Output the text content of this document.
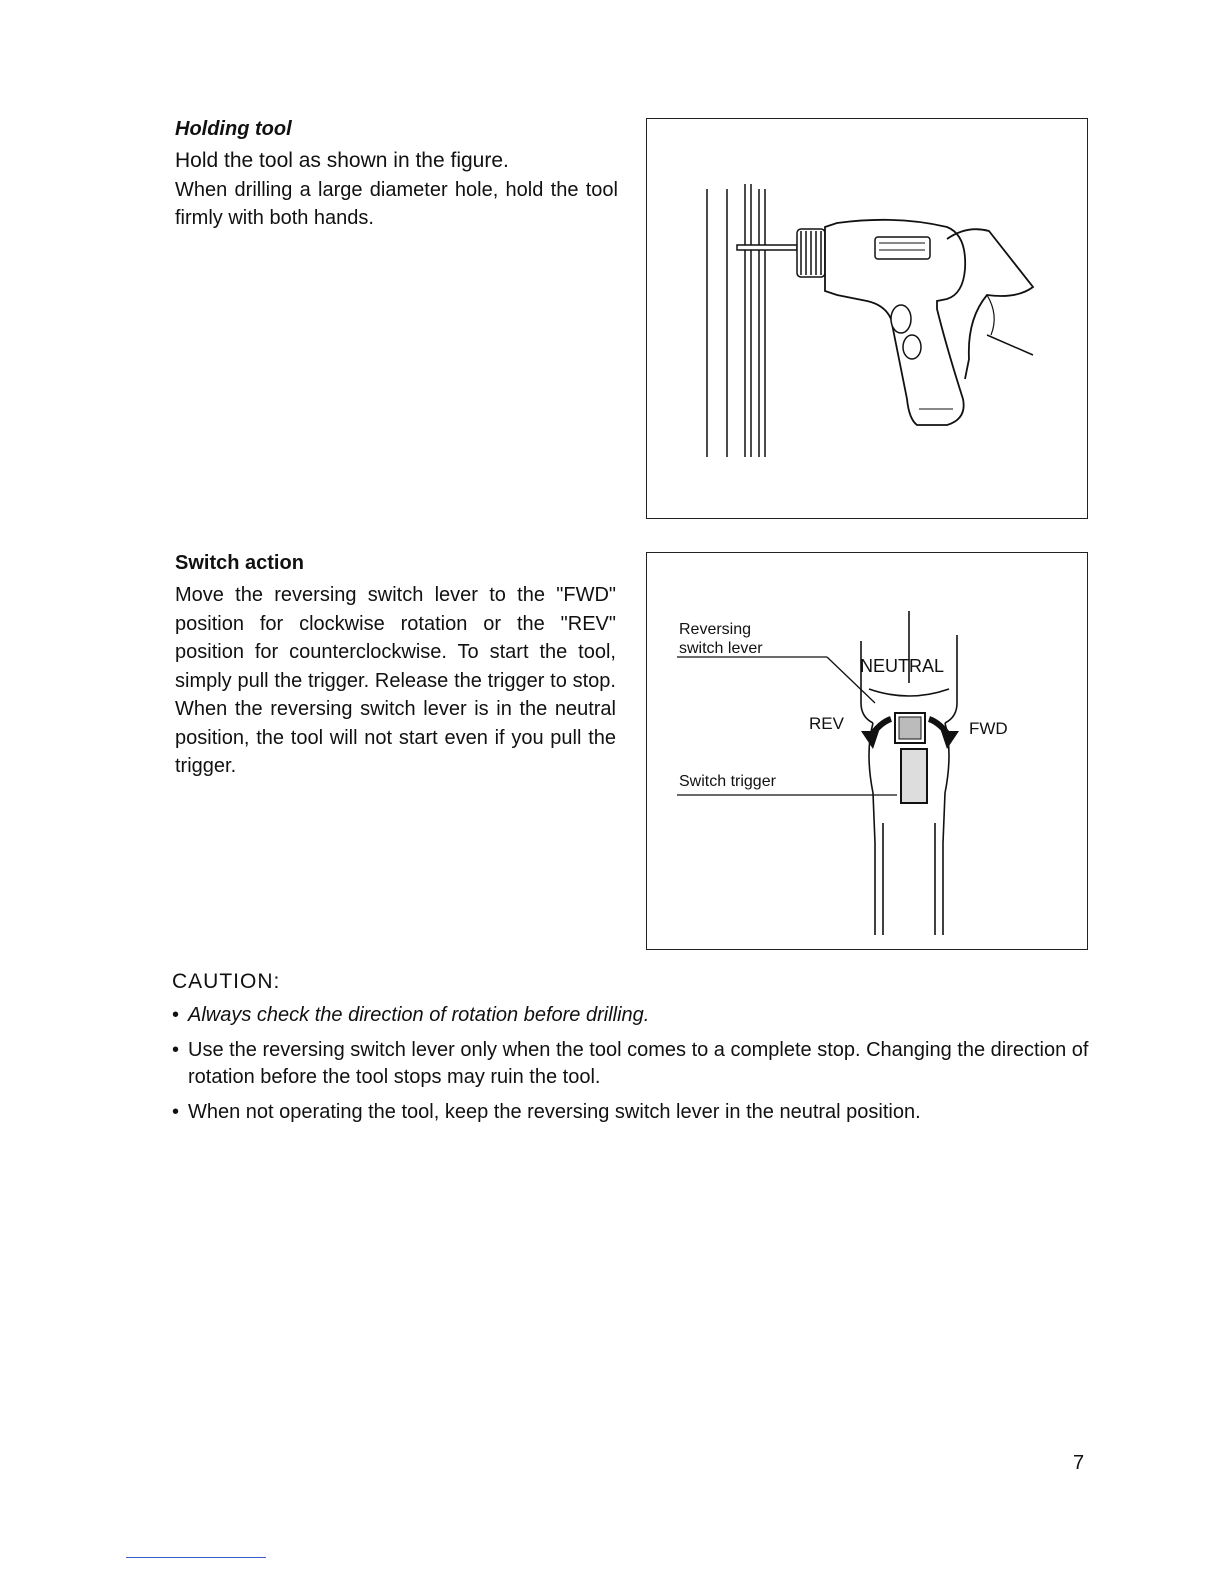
Holding tool

Hold the tool as shown in the figure.
When drilling a large diameter hole, hold the tool firmly with both hands.

Switch action

Move the reversing switch lever to the "FWD" position for clockwise rotation or the "REV" position for counterclockwise. To start the tool, simply pull the trigger. Release the trigger to stop. When the reversing switch lever is in the neutral position, the tool will not start even if you pull the trigger.

Reversing
switch lever
NEUTRAL
REV	FWD
Switch trigger
CAUTION:
• Always check the direction of rotation before drilling.
• Use the reversing switch lever only when the tool comes to a complete stop. Changing the direction of rotation before the tool stops may ruin the tool.
• When not operating the tool, keep the reversing switch lever in the neutral position.
7
